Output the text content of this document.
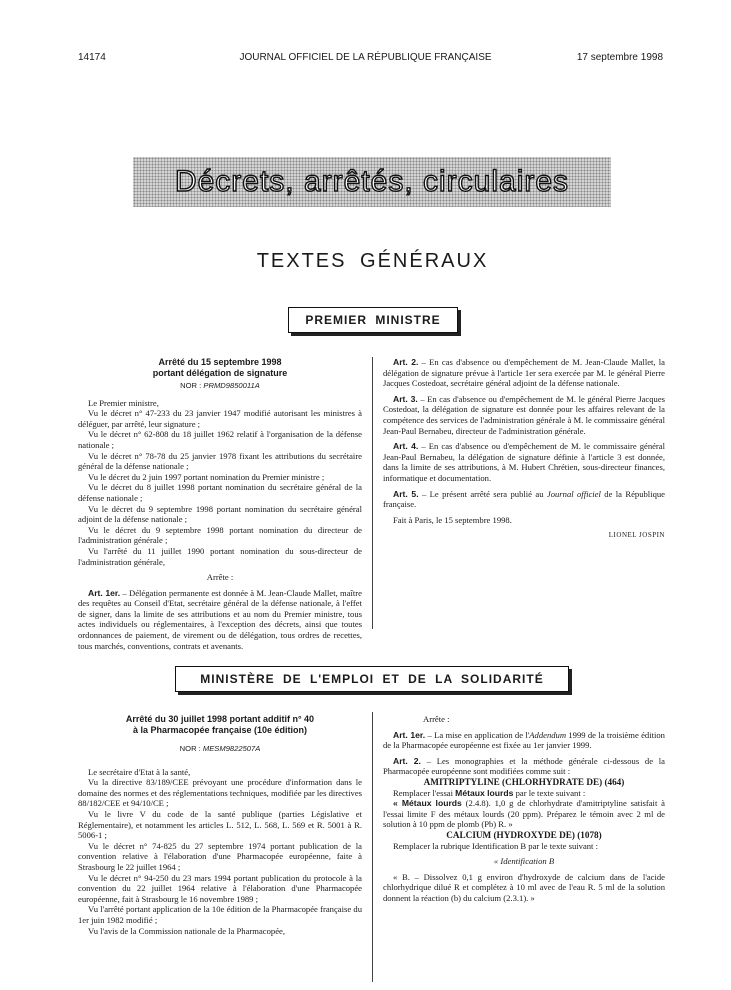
14174	JOURNAL OFFICIEL DE LA RÉPUBLIQUE FRANÇAISE	17 septembre 1998
Décrets, arrêtés, circulaires
TEXTES GÉNÉRAUX
PREMIER MINISTRE
Arrêté du 15 septembre 1998
portant délégation de signature
NOR : PRMD9850011A

Le Premier ministre,

Vu le décret n° 47-233 du 23 janvier 1947 modifié autorisant les ministres à déléguer, par arrêté, leur signature ;

Vu le décret n° 62-808 du 18 juillet 1962 relatif à l'organisation de la défense nationale ;

Vu le décret n° 78-78 du 25 janvier 1978 fixant les attributions du secrétaire général de la défense nationale ;

Vu le décret du 2 juin 1997 portant nomination du Premier ministre ;

Vu le décret du 8 juillet 1998 portant nomination du secrétaire général de la défense nationale ;

Vu le décret du 9 septembre 1998 portant nomination du secrétaire général adjoint de la défense nationale ;

Vu le décret du 9 septembre 1998 portant nomination du directeur de l'administration générale ;

Vu l'arrêté du 11 juillet 1990 portant nomination du sous-directeur de l'administration générale,

Arrête :

Art. 1er. – Délégation permanente est donnée à M. Jean-Claude Mallet, maître des requêtes au Conseil d'Etat, secrétaire général de la défense nationale, à l'effet de signer, dans la limite de ses attributions et au nom du Premier ministre, tous actes individuels ou réglementaires, à l'exception des décrets, ainsi que toutes ordonnances de paiement, de virement ou de délégation, tous ordres de recettes, tous marchés, conventions, contrats et avenants.

Art. 2. – En cas d'absence ou d'empêchement de M. Jean-Claude Mallet, la délégation de signature prévue à l'article 1er sera exercée par M. le général Pierre Jacques Costedoat, secrétaire général adjoint de la défense nationale.

Art. 3. – En cas d'absence ou d'empêchement de M. le général Pierre Jacques Costedoat, la délégation de signature est donnée pour les affaires relevant de la compétence des services de l'administration générale à M. le commissaire général Jean-Paul Bernabeu, directeur de l'administration générale.

Art. 4. – En cas d'absence ou d'empêchement de M. le commissaire général Jean-Paul Bernabeu, la délégation de signature définie à l'article 3 est donnée, dans la limite de ses attributions, à M. Hubert Chrétien, sous-directeur finances, informatique et documentation.

Art. 5. – Le présent arrêté sera publié au Journal officiel de la République française.

Fait à Paris, le 15 septembre 1998.

LIONEL JOSPIN

MINISTÈRE DE L'EMPLOI ET DE LA SOLIDARITÉ
Arrêté du 30 juillet 1998 portant additif n° 40
à la Pharmacopée française (10e édition)
NOR : MESM9822507A

Le secrétaire d'Etat à la santé,

Vu la directive 83/189/CEE prévoyant une procédure d'information dans le domaine des normes et des réglementations techniques, modifiée par les directives 88/182/CEE et 94/10/CE ;

Vu le livre V du code de la santé publique (parties Législative et Réglementaire), et notamment les articles L. 512, L. 568, L. 569 et R. 5001 à R. 5006-1 ;

Vu le décret n° 74-825 du 27 septembre 1974 portant publication de la convention relative à l'élaboration d'une Pharmacopée européenne, faite à Strasbourg le 22 juillet 1964 ;

Vu le décret n° 94-250 du 23 mars 1994 portant publication du protocole à la convention du 22 juillet 1964 relative à l'élaboration d'une Pharmacopée européenne, fait à Strasbourg le 16 novembre 1989 ;

Vu l'arrêté portant application de la 10e édition de la Pharmacopée française du 1er juin 1982 modifié ;

Vu l'avis de la Commission nationale de la Pharmacopée,

Arrête :

Art. 1er. – La mise en application de l'Addendum 1999 de la troisième édition de la Pharmacopée européenne est fixée au 1er janvier 1999.

Art. 2. – Les monographies et la méthode générale ci-dessous de la Pharmacopée européenne sont modifiées comme suit :

AMITRIPTYLINE (CHLORHYDRATE DE) (464)

Remplacer l'essai Métaux lourds par le texte suivant :

« Métaux lourds (2.4.8). 1,0 g de chlorhydrate d'amitriptyline satisfait à l'essai limite F des métaux lourds (20 ppm). Préparez le témoin avec 2 ml de solution à 10 ppm de plomb (Pb) R. »

CALCIUM (HYDROXYDE DE) (1078)

Remplacer la rubrique Identification B par le texte suivant :

« Identification B

« B. – Dissolvez 0,1 g environ d'hydroxyde de calcium dans de l'acide chlorhydrique dilué R et complétez à 10 ml avec de l'eau R. 5 ml de la solution donnent la réaction (b) du calcium (2.3.1). »
